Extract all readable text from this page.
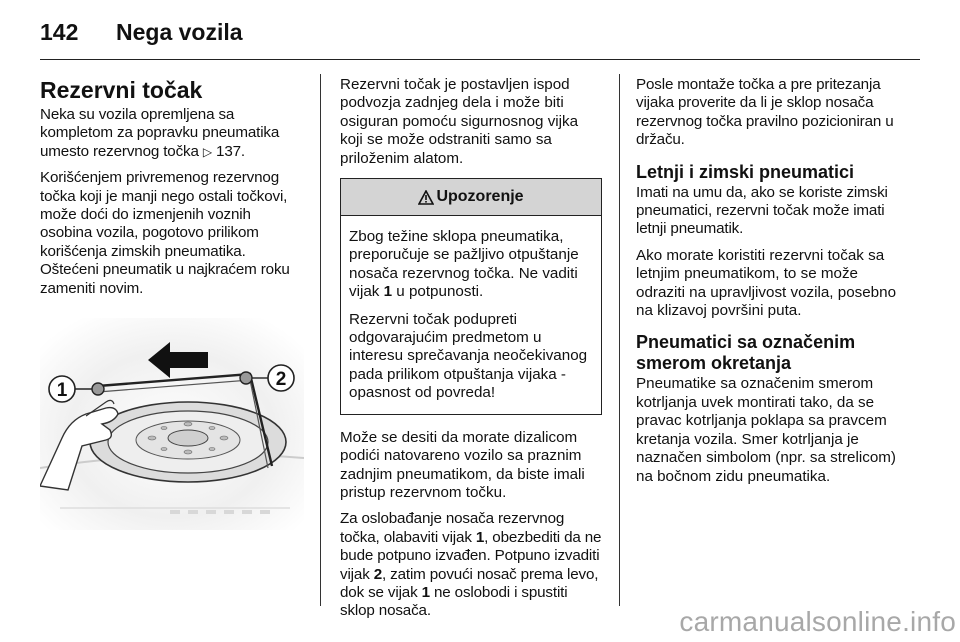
142 Nega vozila
Rezervni točak

Neka su vozila opremljena sa kompletom za popravku pneumatika umesto rezervnog točka ▷ 137.

Korišćenjem privremenog rezervnog točka koji je manji nego ostali točkovi, može doći do izmenjenih voznih osobina vozila, pogotovo prilikom korišćenja zimskih pneumatika. Oštećeni pneumatik u najkraćem roku zameniti novim.

1
2

Rezervni točak je postavljen ispod podvozja zadnjeg dela i može biti osiguran pomoću sigurnosnog vijka koji se može odstraniti samo sa priloženim alatom.

Upozorenje

Zbog težine sklopa pneumatika, preporučuje se pažljivo otpuštanje nosača rezervnog točka. Ne vaditi vijak 1 u potpunosti.

Rezervni točak podupreti odgovarajućim predmetom u interesu sprečavanja neočekivanog pada prilikom otpuštanja vijaka - opasnost od povreda!

Može se desiti da morate dizalicom podići natovareno vozilo sa praznim zadnjim pneumatikom, da biste imali pristup rezervnom točku.

Za oslobađanje nosača rezervnog točka, olabaviti vijak 1, obezbediti da ne bude potpuno izvađen. Potpuno izvaditi vijak 2, zatim povući nosač prema levo, dok se vijak 1 ne oslobodi i spustiti sklop nosača.

Posle montaže točka a pre pritezanja vijaka proverite da li je sklop nosača rezervnog točka pravilno pozicioniran u držaču.

Letnji i zimski pneumatici

Imati na umu da, ako se koriste zimski pneumatici, rezervni točak može imati letnji pneumatik.

Ako morate koristiti rezervni točak sa letnjim pneumatikom, to se može odraziti na upravljivost vozila, posebno na klizavoj površini puta.

Pneumatici sa označenim smerom okretanja

Pneumatike sa označenim smerom kotrljanja uvek montirati tako, da se pravac kotrljanja poklapa sa pravcem kretanja vozila. Smer kotrljanja je naznačen simbolom (npr. sa strelicom) na bočnom zidu pneumatika.

carmanualsonline.info
